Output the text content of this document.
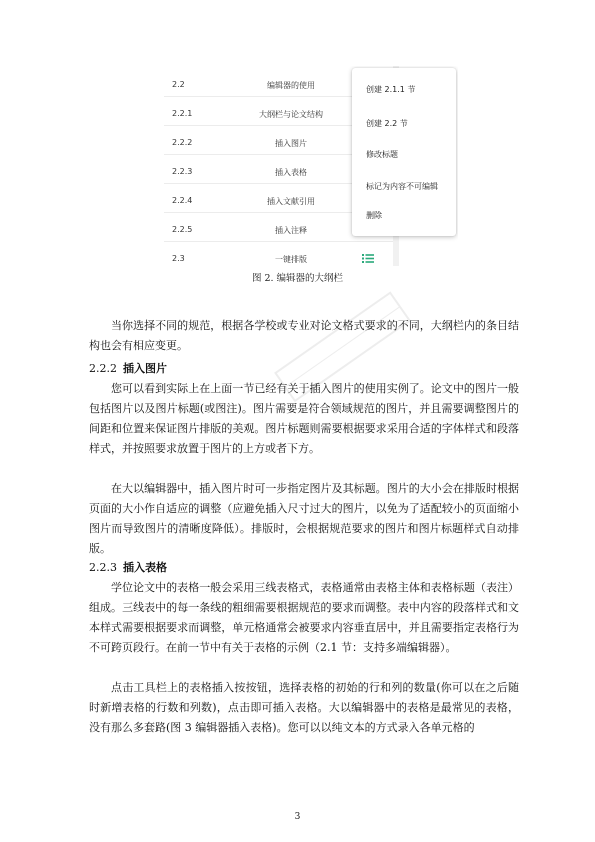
2.2	编辑器的使用
2.2.1	大纲栏与论文结构
2.2.2	插入图片
2.2.3	插入表格
2.2.4	插入文献引用
2.2.5	插入注释
2.3	一键排版
创建 2.1.1 节
创建 2.2 节
修改标题
标记为内容不可编辑
删除
图 2. 编辑器的大纲栏

当你选择不同的规范，根据各学校或专业对论文格式要求的不同，大纲栏内的条目结构也会有相应变更。

2.2.2 插入图片

您可以看到实际上在上面一节已经有关于插入图片的使用实例了。论文中的图片一般包括图片以及图片标题(或图注)。图片需要是符合领域规范的图片，并且需要调整图片的间距和位置来保证图片排版的美观。图片标题则需要根据要求采用合适的字体样式和段落样式，并按照要求放置于图片的上方或者下方。

在大以编辑器中，插入图片时可一步指定图片及其标题。图片的大小会在排版时根据页面的大小作自适应的调整（应避免插入尺寸过大的图片，以免为了适配较小的页面缩小图片而导致图片的清晰度降低）。排版时，会根据规范要求的图片和图片标题样式自动排版。

2.2.3 插入表格

学位论文中的表格一般会采用三线表格式，表格通常由表格主体和表格标题（表注）组成。三线表中的每一条线的粗细需要根据规范的要求而调整。表中内容的段落样式和文本样式需要根据要求而调整，单元格通常会被要求内容垂直居中，并且需要指定表格行为不可跨页段行。在前一节中有关于表格的示例（2.1 节：支持多端编辑器）。

点击工具栏上的表格插入按按钮，选择表格的初始的行和列的数量(你可以在之后随时新增表格的行数和列数)，点击即可插入表格。大以编辑器中的表格是最常见的表格，没有那么多套路(图 3 编辑器插入表格)。您可以以纯文本的方式录入各单元格的

3
